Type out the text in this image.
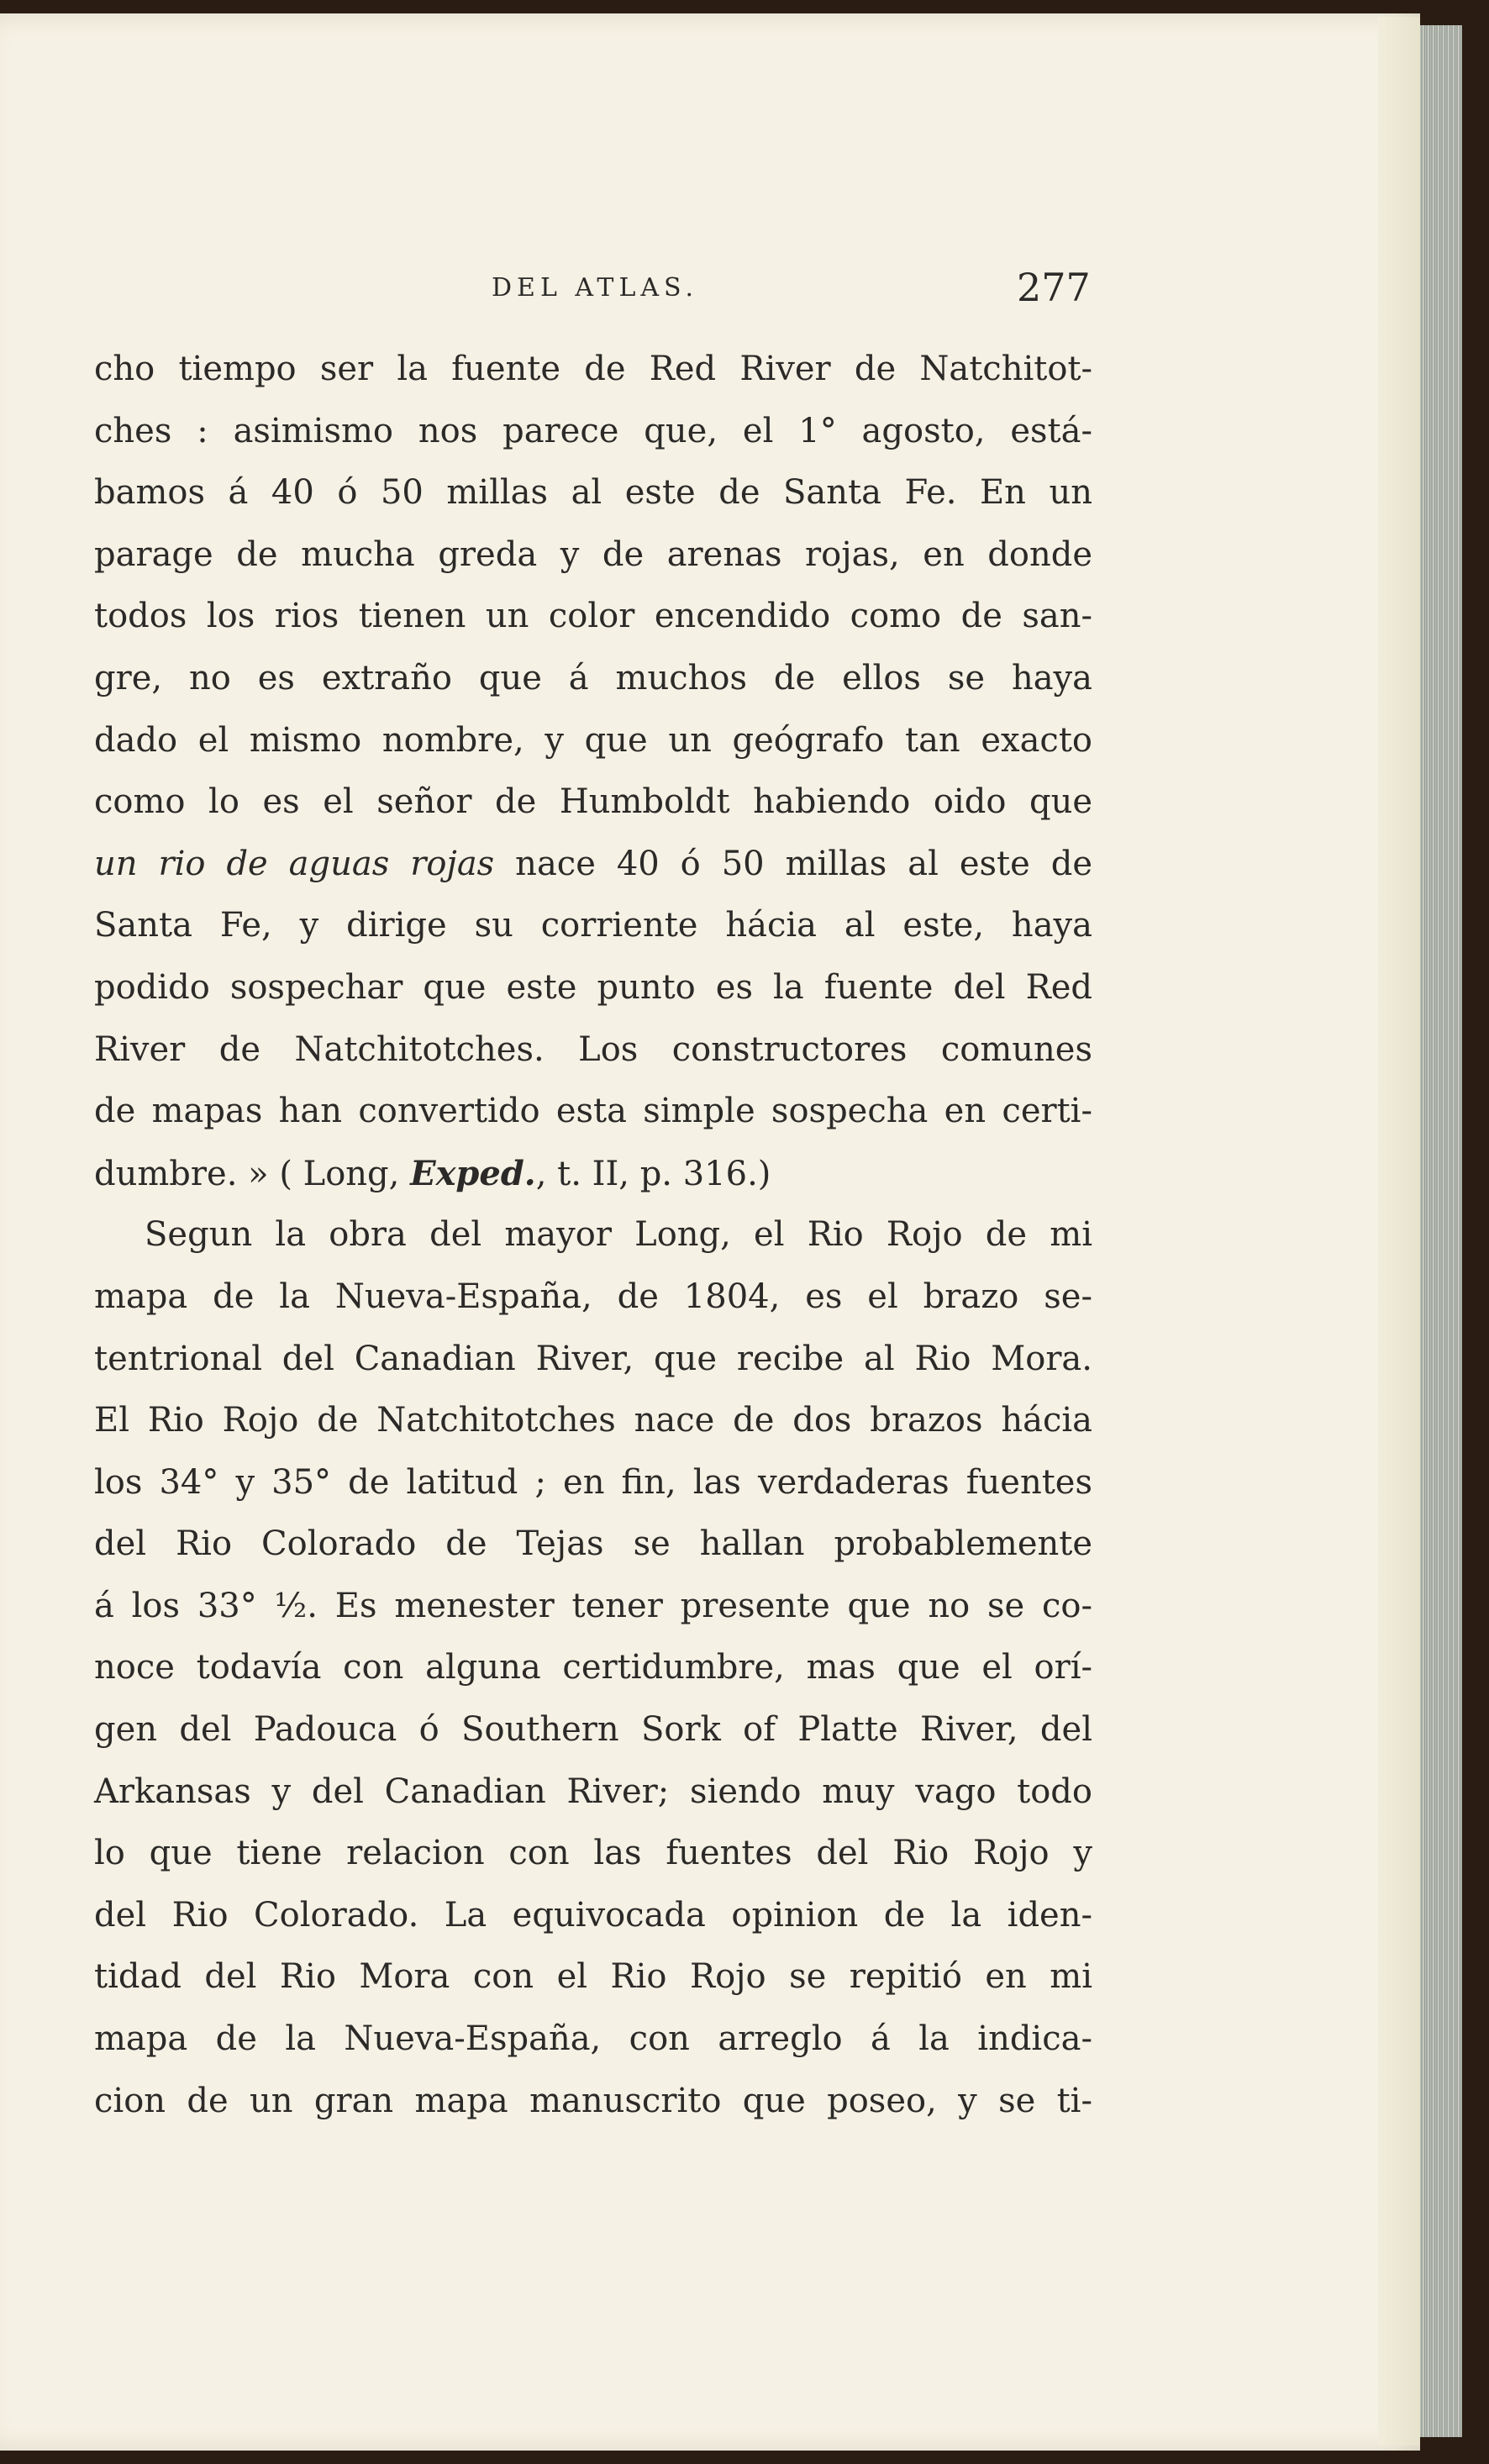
DEL ATLAS.	277
cho tiempo ser la fuente de Red River de Natchitot-
ches : asimismo nos parece que, el 1° agosto, está-
bamos á 40 ó 50 millas al este de Santa Fe. En un
parage de mucha greda y de arenas rojas, en donde
todos los rios tienen un color encendido como de san-
gre, no es extraño que á muchos de ellos se haya
dado el mismo nombre, y que un geógrafo tan exacto
como lo es el señor de Humboldt habiendo oido que
un rio de aguas rojas nace 40 ó 50 millas al este de
Santa Fe, y dirige su corriente hácia al este, haya
podido sospechar que este punto es la fuente del Red
River de Natchitotches. Los constructores comunes
de mapas han convertido esta simple sospecha en certi-
dumbre. » ( Long, Exped., t. II, p. 316.)
Segun la obra del mayor Long, el Rio Rojo de mi
mapa de la Nueva-España, de 1804, es el brazo se-
tentrional del Canadian River, que recibe al Rio Mora.
El Rio Rojo de Natchitotches nace de dos brazos hácia
los 34° y 35° de latitud ; en fin, las verdaderas fuentes
del Rio Colorado de Tejas se hallan probablemente
á los 33° ½. Es menester tener presente que no se co-
noce todavía con alguna certidumbre, mas que el orí-
gen del Padouca ó Southern Sork of Platte River, del
Arkansas y del Canadian River; siendo muy vago todo
lo que tiene relacion con las fuentes del Rio Rojo y
del Rio Colorado. La equivocada opinion de la iden-
tidad del Rio Mora con el Rio Rojo se repitió en mi
mapa de la Nueva-España, con arreglo á la indica-
cion de un gran mapa manuscrito que poseo, y se ti-
